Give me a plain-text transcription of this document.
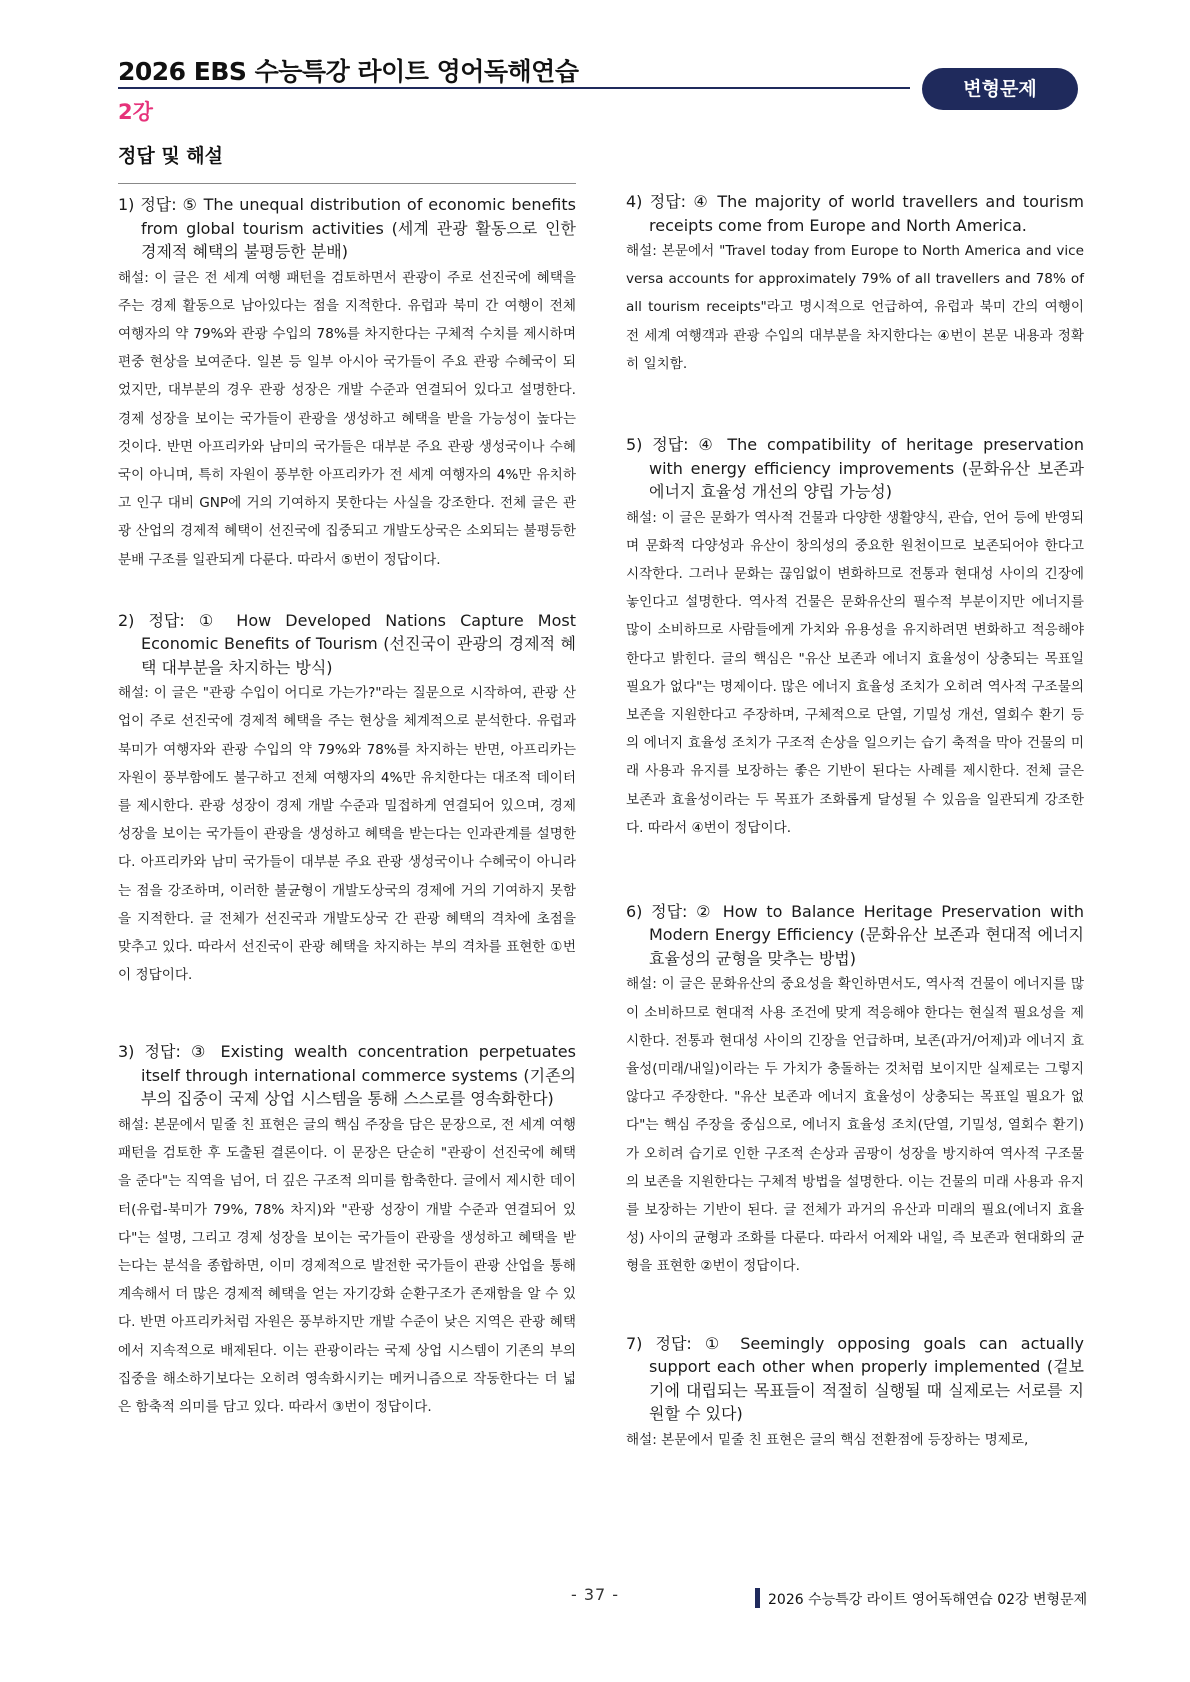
2026 EBS 수능특강 라이트 영어독해연습
2강
변형문제
정답 및 해설

1) 정답: ⑤ The unequal distribution of economic benefits from global tourism activities (세계 관광 활동으로 인한 경제적 혜택의 불평등한 분배)

해설: 이 글은 전 세계 여행 패턴을 검토하면서 관광이 주로 선진국에 혜택을 주는 경제 활동으로 남아있다는 점을 지적한다. 유럽과 북미 간 여행이 전체 여행자의 약 79%와 관광 수입의 78%를 차지한다는 구체적 수치를 제시하며 편중 현상을 보여준다. 일본 등 일부 아시아 국가들이 주요 관광 수혜국이 되었지만, 대부분의 경우 관광 성장은 개발 수준과 연결되어 있다고 설명한다. 경제 성장을 보이는 국가들이 관광을 생성하고 혜택을 받을 가능성이 높다는 것이다. 반면 아프리카와 남미의 국가들은 대부분 주요 관광 생성국이나 수혜국이 아니며, 특히 자원이 풍부한 아프리카가 전 세계 여행자의 4%만 유치하고 인구 대비 GNP에 거의 기여하지 못한다는 사실을 강조한다. 전체 글은 관광 산업의 경제적 혜택이 선진국에 집중되고 개발도상국은 소외되는 불평등한 분배 구조를 일관되게 다룬다. 따라서 ⑤번이 정답이다.

2) 정답: ① How Developed Nations Capture Most Economic Benefits of Tourism (선진국이 관광의 경제적 혜택 대부분을 차지하는 방식)

해설: 이 글은 "관광 수입이 어디로 가는가?"라는 질문으로 시작하여, 관광 산업이 주로 선진국에 경제적 혜택을 주는 현상을 체계적으로 분석한다. 유럽과 북미가 여행자와 관광 수입의 약 79%와 78%를 차지하는 반면, 아프리카는 자원이 풍부함에도 불구하고 전체 여행자의 4%만 유치한다는 대조적 데이터를 제시한다. 관광 성장이 경제 개발 수준과 밀접하게 연결되어 있으며, 경제 성장을 보이는 국가들이 관광을 생성하고 혜택을 받는다는 인과관계를 설명한다. 아프리카와 남미 국가들이 대부분 주요 관광 생성국이나 수혜국이 아니라는 점을 강조하며, 이러한 불균형이 개발도상국의 경제에 거의 기여하지 못함을 지적한다. 글 전체가 선진국과 개발도상국 간 관광 혜택의 격차에 초점을 맞추고 있다. 따라서 선진국이 관광 혜택을 차지하는 부의 격차를 표현한 ①번이 정답이다.

3) 정답: ③ Existing wealth concentration perpetuates itself through international commerce systems (기존의 부의 집중이 국제 상업 시스템을 통해 스스로를 영속화한다)

해설: 본문에서 밑줄 친 표현은 글의 핵심 주장을 담은 문장으로, 전 세계 여행 패턴을 검토한 후 도출된 결론이다. 이 문장은 단순히 "관광이 선진국에 혜택을 준다"는 직역을 넘어, 더 깊은 구조적 의미를 함축한다. 글에서 제시한 데이터(유럽-북미가 79%, 78% 차지)와 "관광 성장이 개발 수준과 연결되어 있다"는 설명, 그리고 경제 성장을 보이는 국가들이 관광을 생성하고 혜택을 받는다는 분석을 종합하면, 이미 경제적으로 발전한 국가들이 관광 산업을 통해 계속해서 더 많은 경제적 혜택을 얻는 자기강화 순환구조가 존재함을 알 수 있다. 반면 아프리카처럼 자원은 풍부하지만 개발 수준이 낮은 지역은 관광 혜택에서 지속적으로 배제된다. 이는 관광이라는 국제 상업 시스템이 기존의 부의 집중을 해소하기보다는 오히려 영속화시키는 메커니즘으로 작동한다는 더 넓은 함축적 의미를 담고 있다. 따라서 ③번이 정답이다.

4) 정답: ④ The majority of world travellers and tourism receipts come from Europe and North America.

해설: 본문에서 "Travel today from Europe to North America and vice versa accounts for approximately 79% of all travellers and 78% of all tourism receipts"라고 명시적으로 언급하여, 유럽과 북미 간의 여행이 전 세계 여행객과 관광 수입의 대부분을 차지한다는 ④번이 본문 내용과 정확히 일치함.

5) 정답: ④ The compatibility of heritage preservation with energy efficiency improvements (문화유산 보존과 에너지 효율성 개선의 양립 가능성)

해설: 이 글은 문화가 역사적 건물과 다양한 생활양식, 관습, 언어 등에 반영되며 문화적 다양성과 유산이 창의성의 중요한 원천이므로 보존되어야 한다고 시작한다. 그러나 문화는 끊임없이 변화하므로 전통과 현대성 사이의 긴장에 놓인다고 설명한다. 역사적 건물은 문화유산의 필수적 부분이지만 에너지를 많이 소비하므로 사람들에게 가치와 유용성을 유지하려면 변화하고 적응해야 한다고 밝힌다. 글의 핵심은 "유산 보존과 에너지 효율성이 상충되는 목표일 필요가 없다"는 명제이다. 많은 에너지 효율성 조치가 오히려 역사적 구조물의 보존을 지원한다고 주장하며, 구체적으로 단열, 기밀성 개선, 열회수 환기 등의 에너지 효율성 조치가 구조적 손상을 일으키는 습기 축적을 막아 건물의 미래 사용과 유지를 보장하는 좋은 기반이 된다는 사례를 제시한다. 전체 글은 보존과 효율성이라는 두 목표가 조화롭게 달성될 수 있음을 일관되게 강조한다. 따라서 ④번이 정답이다.

6) 정답: ② How to Balance Heritage Preservation with Modern Energy Efficiency (문화유산 보존과 현대적 에너지 효율성의 균형을 맞추는 방법)

해설: 이 글은 문화유산의 중요성을 확인하면서도, 역사적 건물이 에너지를 많이 소비하므로 현대적 사용 조건에 맞게 적응해야 한다는 현실적 필요성을 제시한다. 전통과 현대성 사이의 긴장을 언급하며, 보존(과거/어제)과 에너지 효율성(미래/내일)이라는 두 가치가 충돌하는 것처럼 보이지만 실제로는 그렇지 않다고 주장한다. "유산 보존과 에너지 효율성이 상충되는 목표일 필요가 없다"는 핵심 주장을 중심으로, 에너지 효율성 조치(단열, 기밀성, 열회수 환기)가 오히려 습기로 인한 구조적 손상과 곰팡이 성장을 방지하여 역사적 구조물의 보존을 지원한다는 구체적 방법을 설명한다. 이는 건물의 미래 사용과 유지를 보장하는 기반이 된다. 글 전체가 과거의 유산과 미래의 필요(에너지 효율성) 사이의 균형과 조화를 다룬다. 따라서 어제와 내일, 즉 보존과 현대화의 균형을 표현한 ②번이 정답이다.

7) 정답: ① Seemingly opposing goals can actually support each other when properly implemented (겉보기에 대립되는 목표들이 적절히 실행될 때 실제로는 서로를 지원할 수 있다)

해설: 본문에서 밑줄 친 표현은 글의 핵심 전환점에 등장하는 명제로,

- 37 -	2026 수능특강 라이트 영어독해연습 02강 변형문제
